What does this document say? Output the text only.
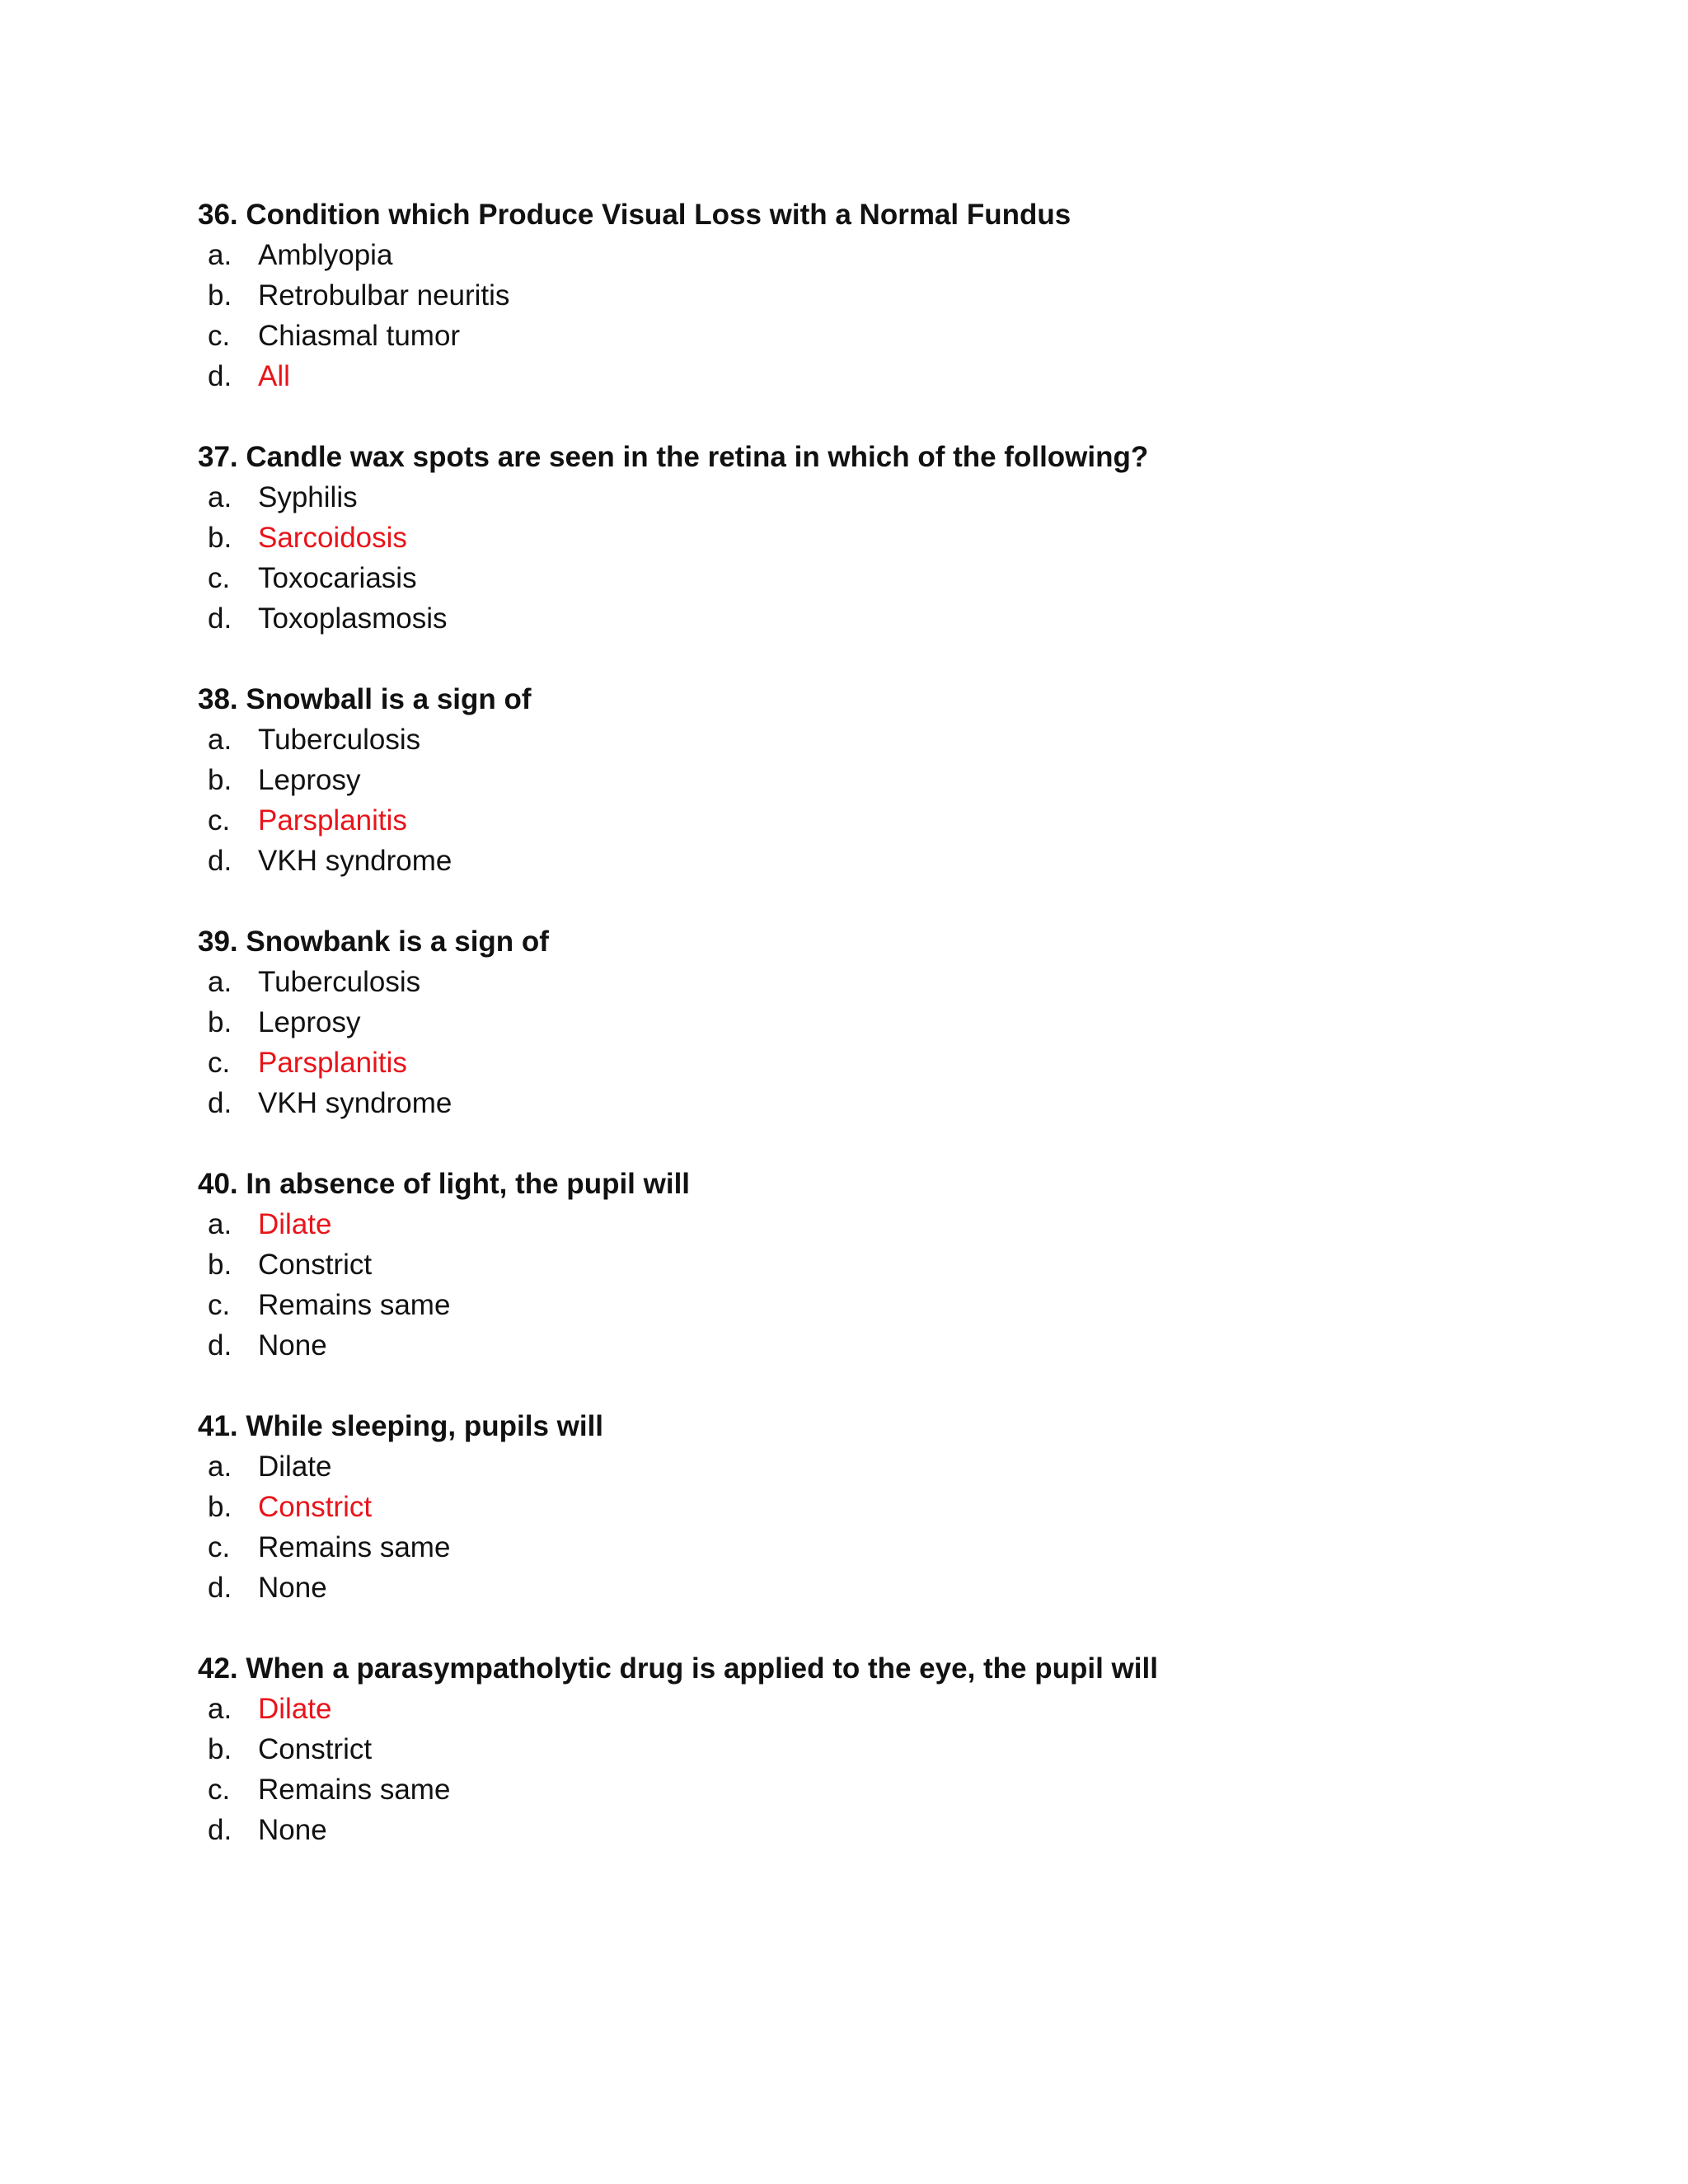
36. Condition which Produce Visual Loss with a Normal Fundus
a. Amblyopia
b. Retrobulbar neuritis
c. Chiasmal tumor
d. All
37. Candle wax spots are seen in the retina in which of the following?
a. Syphilis
b. Sarcoidosis
c. Toxocariasis
d. Toxoplasmosis
38. Snowball is a sign of
a. Tuberculosis
b. Leprosy
c. Parsplanitis
d. VKH syndrome
39. Snowbank is a sign of
a. Tuberculosis
b. Leprosy
c. Parsplanitis
d. VKH syndrome
40. In absence of light, the pupil will
a. Dilate
b. Constrict
c. Remains same
d. None
41. While sleeping, pupils will
a. Dilate
b. Constrict
c. Remains same
d. None
42. When a parasympatholytic drug is applied to the eye, the pupil will
a. Dilate
b. Constrict
c. Remains same
d. None
